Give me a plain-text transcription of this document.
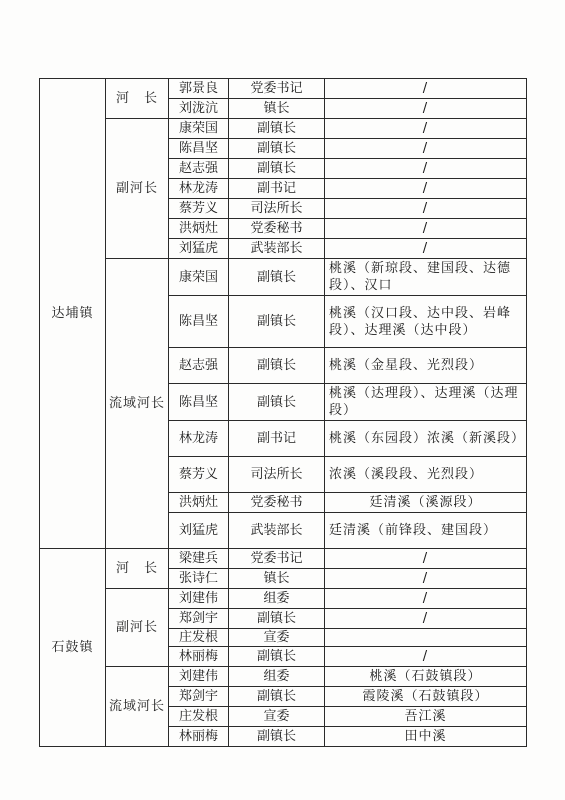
达埔镇	河　长	郭景良	党委书记	/
		刘泷沆	镇长	/
	副河长	康荣国	副镇长	/
		陈昌坚	副镇长	/
		赵志强	副镇长	/
		林龙涛	副书记	/
		蔡芳义	司法所长	/
		洪炳灶	党委秘书	/
		刘猛虎	武装部长	/
	流域河长	康荣国	副镇长	桃溪（新琼段、建国段、达德段）、汉口
		陈昌坚	副镇长	桃溪（汉口段、达中段、岩峰段）、达理溪（达中段）
		赵志强	副镇长	桃溪（金星段、光烈段）
		陈昌坚	副镇长	桃溪（达理段）、达理溪（达理段）
		林龙涛	副书记	桃溪（东园段）浓溪（新溪段）
		蔡芳义	司法所长	浓溪（溪段段、光烈段）
		洪炳灶	党委秘书	廷清溪（溪源段）
		刘猛虎	武装部长	廷清溪（前锋段、建国段）
石鼓镇	河　长	梁建兵	党委书记	/
		张诗仁	镇长	/
	副河长	刘建伟	组委	/
		郑剑宇	副镇长	/
		庄发根	宣委	
		林丽梅	副镇长	/
	流域河长	刘建伟	组委	桃溪（石鼓镇段）
		郑剑宇	副镇长	霞陵溪（石鼓镇段）
		庄发根	宣委	吾江溪
		林丽梅	副镇长	田中溪
